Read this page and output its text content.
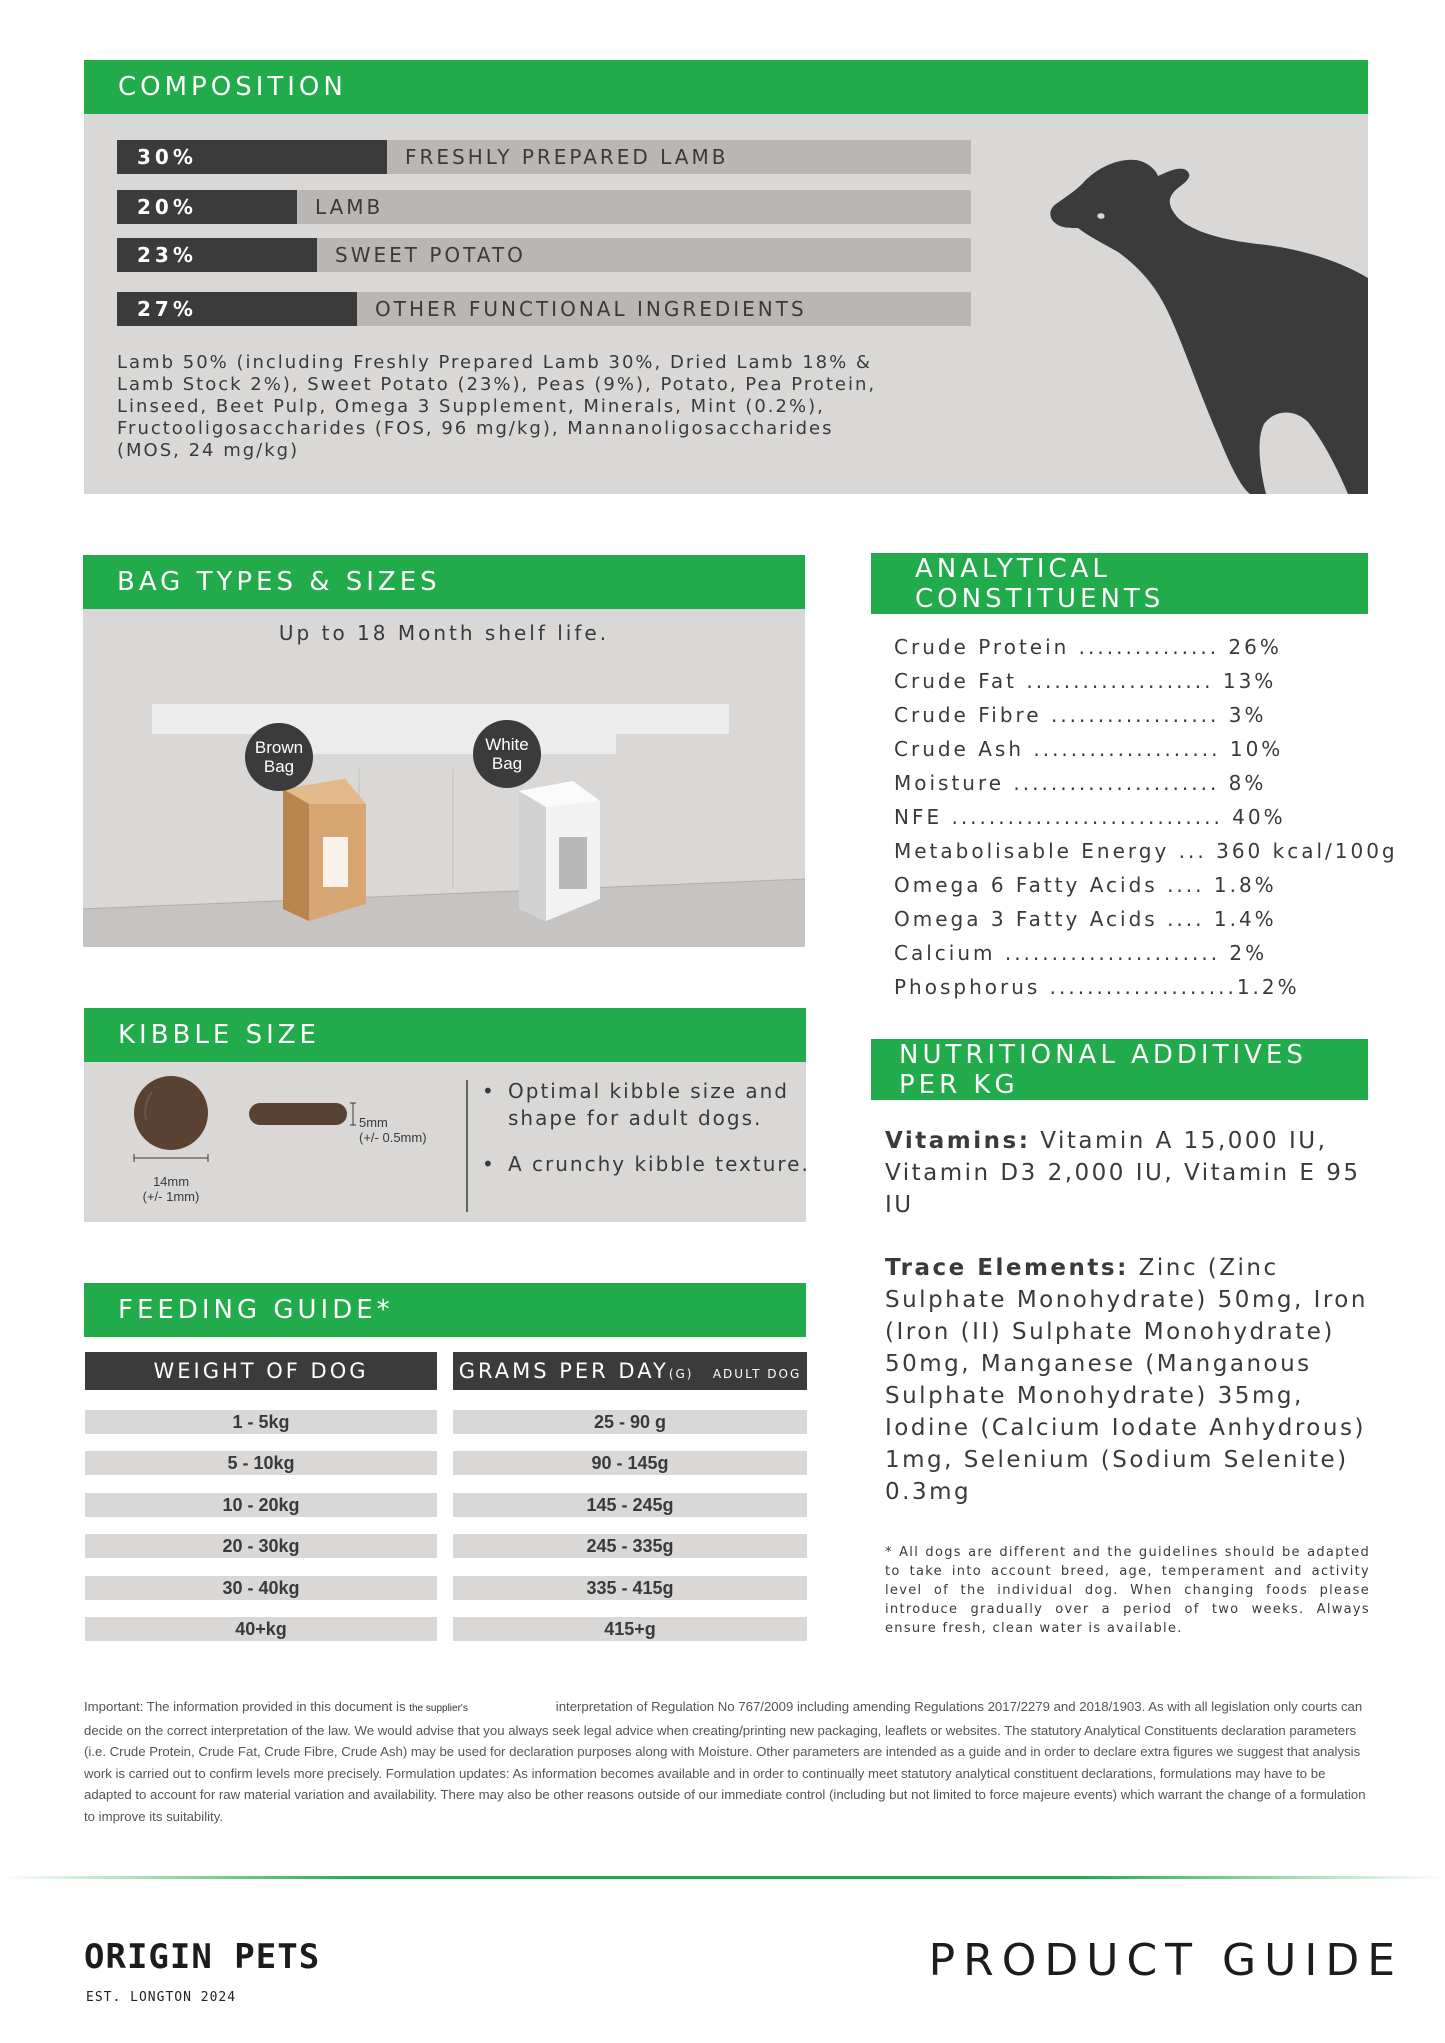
COMPOSITION
30%	FRESHLY PREPARED LAMB
20%	LAMB
23%	SWEET POTATO
27%	OTHER FUNCTIONAL INGREDIENTS
Lamb 50% (including Freshly Prepared Lamb 30%, Dried Lamb 18% & Lamb Stock 2%), Sweet Potato (23%), Peas (9%), Potato, Pea Protein, Linseed, Beet Pulp, Omega 3 Supplement, Minerals, Mint (0.2%), Fructooligosaccharides (FOS, 96 mg/kg), Mannanoligosaccharides (MOS, 24 mg/kg)
BAG TYPES & SIZES
Up to 18 Month shelf life.
Brown Bag
White Bag
KIBBLE SIZE
14mm
(+/- 1mm)
5mm
(+/- 0.5mm)
• Optimal kibble size and shape for adult dogs.
• A crunchy kibble texture.
FEEDING GUIDE*
WEIGHT OF DOG	GRAMS PER DAY(G) ADULT DOG
1 - 5kg	25 - 90 g
5 - 10kg	90 - 145g
10 - 20kg	145 - 245g
20 - 30kg	245 - 335g
30 - 40kg	335 - 415g
40+kg	415+g
ANALYTICAL CONSTITUENTS
Crude Protein ............... 26%
Crude Fat .................... 13%
Crude Fibre .................. 3%
Crude Ash .................... 10%
Moisture ...................... 8%
NFE ............................. 40%
Metabolisable Energy ... 360 kcal/100g
Omega 6 Fatty Acids .... 1.8%
Omega 3 Fatty Acids .... 1.4%
Calcium ....................... 2%
Phosphorus ....................1.2%
NUTRITIONAL ADDITIVES PER KG
Vitamins: Vitamin A 15,000 IU, Vitamin D3 2,000 IU, Vitamin E 95 IU
Trace Elements: Zinc (Zinc Sulphate Monohydrate) 50mg, Iron (Iron (II) Sulphate Monohydrate) 50mg, Manganese (Manganous Sulphate Monohydrate) 35mg, Iodine (Calcium Iodate Anhydrous) 1mg, Selenium (Sodium Selenite) 0.3mg
* All dogs are different and the guidelines should be adapted to take into account breed, age, temperament and activity level of the individual dog. When changing foods please introduce gradually over a period of two weeks. Always ensure fresh, clean water is available.
Important: The information provided in this document is the supplier's	interpretation of Regulation No 767/2009 including amending Regulations 2017/2279 and 2018/1903. As with all legislation only courts can decide on the correct interpretation of the law. We would advise that you always seek legal advice when creating/printing new packaging, leaflets or websites. The statutory Analytical Constituents declaration parameters (i.e. Crude Protein, Crude Fat, Crude Fibre, Crude Ash) may be used for declaration purposes along with Moisture. Other parameters are intended as a guide and in order to declare extra figures we suggest that analysis work is carried out to confirm levels more precisely. Formulation updates: As information becomes available and in order to continually meet statutory analytical constituent declarations, formulations may have to be adapted to account for raw material variation and availability. There may also be other reasons outside of our immediate control (including but not limited to force majeure events) which warrant the change of a formulation to improve its suitability.
ORIGIN PETS
EST. LONGTON 2024
PRODUCT GUIDE
